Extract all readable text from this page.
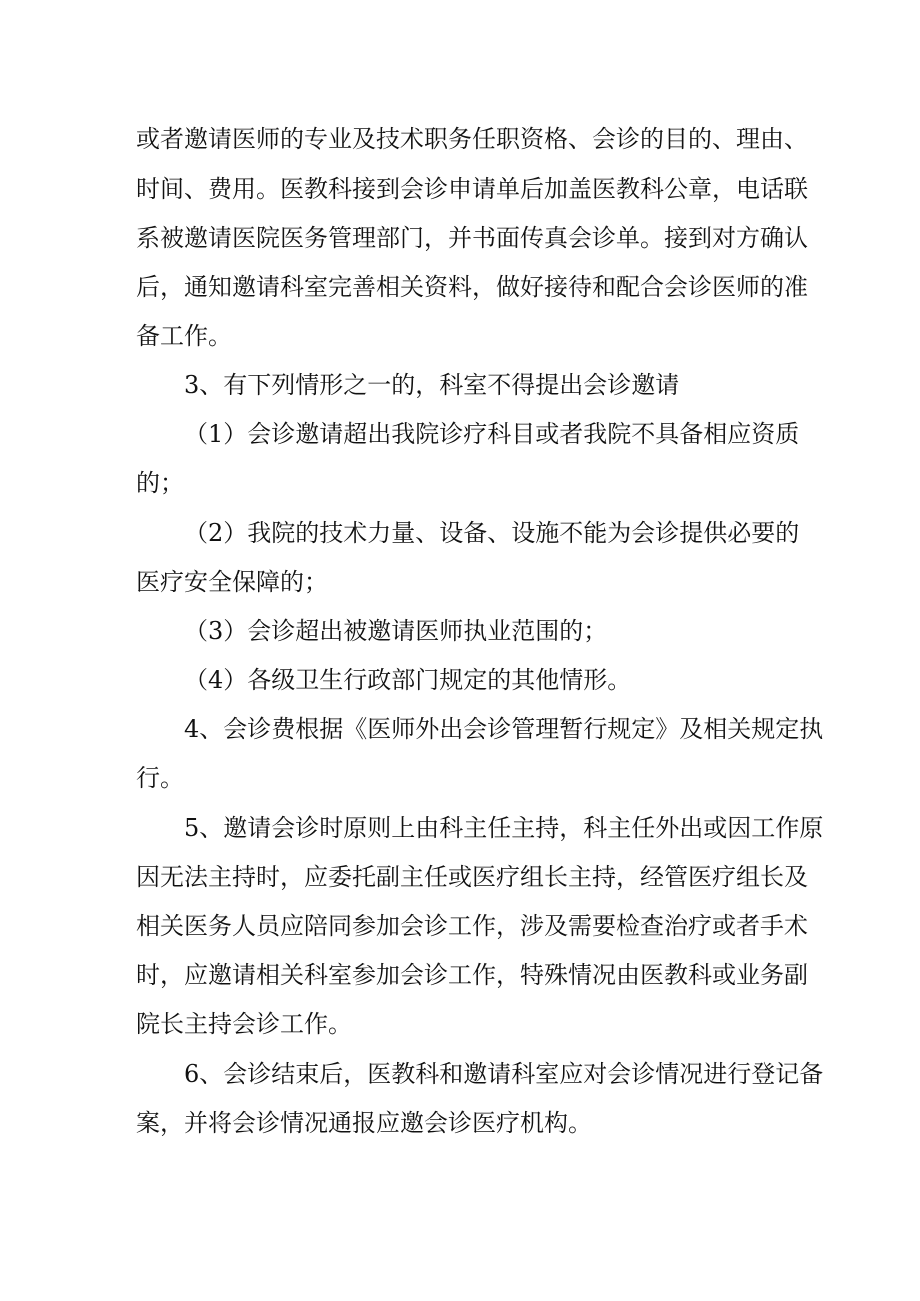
或者邀请医师的专业及技术职务任职资格、会诊的目的、理由、

时间、费用。医教科接到会诊申请单后加盖医教科公章，电话联

系被邀请医院医务管理部门，并书面传真会诊单。接到对方确认

后，通知邀请科室完善相关资料，做好接待和配合会诊医师的准

备工作。

3、有下列情形之一的，科室不得提出会诊邀请

（1）会诊邀请超出我院诊疗科目或者我院不具备相应资质

的；

（2）我院的技术力量、设备、设施不能为会诊提供必要的

医疗安全保障的；

（3）会诊超出被邀请医师执业范围的；

（4）各级卫生行政部门规定的其他情形。

4、会诊费根据《医师外出会诊管理暂行规定》及相关规定执

行。

5、邀请会诊时原则上由科主任主持，科主任外出或因工作原

因无法主持时，应委托副主任或医疗组长主持，经管医疗组长及

相关医务人员应陪同参加会诊工作，涉及需要检查治疗或者手术

时，应邀请相关科室参加会诊工作，特殊情况由医教科或业务副

院长主持会诊工作。

6、会诊结束后，医教科和邀请科室应对会诊情况进行登记备

案，并将会诊情况通报应邀会诊医疗机构。
